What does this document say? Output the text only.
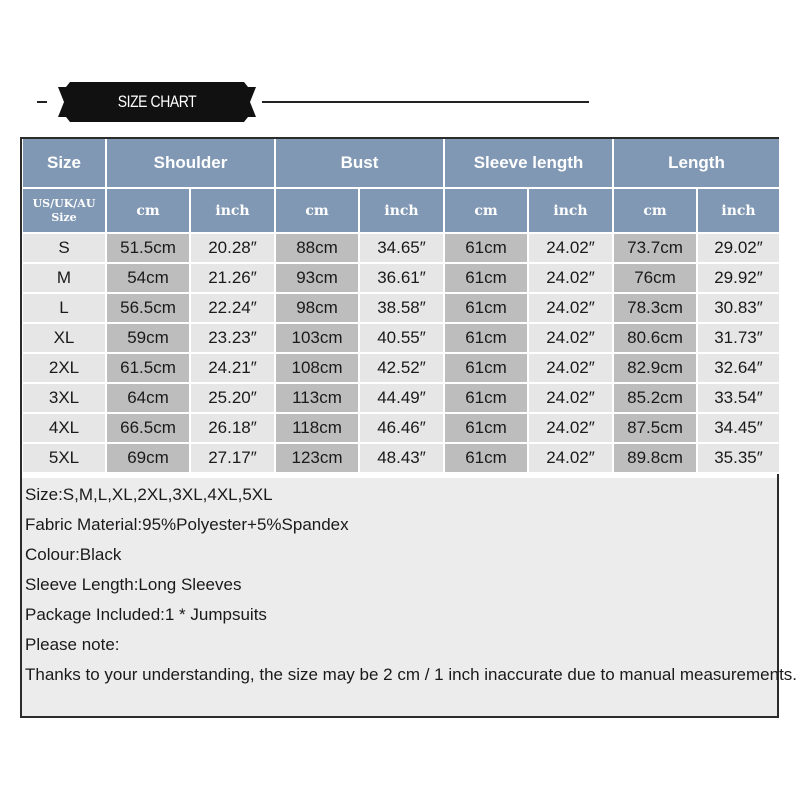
SIZE CHART
Size	Shoulder		Bust		Sleeve length		Length	
US/UK/AU Size	cm	inch	cm	inch	cm	inch	cm	inch
S	51.5cm	20.28″	88cm	34.65″	61cm	24.02″	73.7cm	29.02″
M	54cm	21.26″	93cm	36.61″	61cm	24.02″	76cm	29.92″
L	56.5cm	22.24″	98cm	38.58″	61cm	24.02″	78.3cm	30.83″
XL	59cm	23.23″	103cm	40.55″	61cm	24.02″	80.6cm	31.73″
2XL	61.5cm	24.21″	108cm	42.52″	61cm	24.02″	82.9cm	32.64″
3XL	64cm	25.20″	113cm	44.49″	61cm	24.02″	85.2cm	33.54″
4XL	66.5cm	26.18″	118cm	46.46″	61cm	24.02″	87.5cm	34.45″
5XL	69cm	27.17″	123cm	48.43″	61cm	24.02″	89.8cm	35.35″
Size:S,M,L,XL,2XL,3XL,4XL,5XL
Fabric Material:95%Polyester+5%Spandex
Colour:Black
Sleeve Length:Long Sleeves
Package Included:1 * Jumpsuits
Please note:
Thanks to your understanding, the size may be 2 cm / 1 inch inaccurate due to manual measurements.
